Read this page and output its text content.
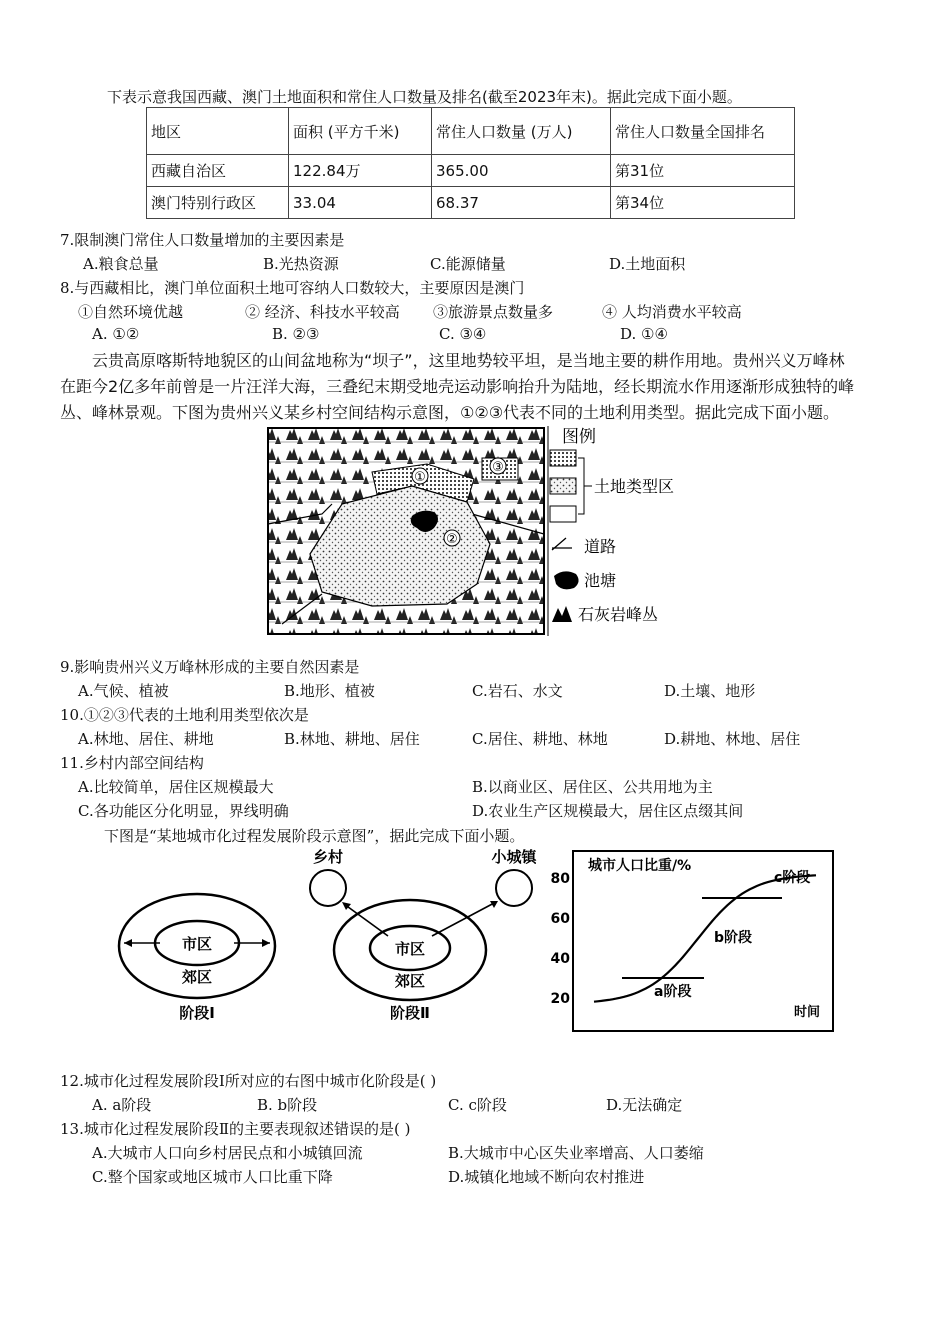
下表示意我国西藏、澳门土地面积和常住人口数量及排名(截至2023年末)。据此完成下面小题。
地区	面积 (平方千米)	常住人口数量 (万人)	常住人口数量全国排名
西藏自治区	122.84万	365.00	第31位
澳门特别行政区	33.04	68.37	第34位
7.限制澳门常住人口数量增加的主要因素是
A.粮食总量	B.光热资源	C.能源储量	D.土地面积
8.与西藏相比，澳门单位面积土地可容纳人口数较大，主要原因是澳门
①自然环境优越	② 经济、科技水平较高 ③旅游景点数量多	④ 人均消费水平较高
A. ①②	B. ②③	C. ③④	D. ①④
云贵高原喀斯特地貌区的山间盆地称为“坝子”，这里地势较平坦，是当地主要的耕作用地。贵州兴义万峰林
在距今2亿多年前曾是一片汪洋大海，三叠纪末期受地壳运动影响抬升为陆地，经长期流水作用逐渐形成独特的峰
丛、峰林景观。下图为贵州兴义某乡村空间结构示意图，①②③代表不同的土地利用类型。据此完成下面小题。
①
②
③
图例
土地类型区
道路
池塘
石灰岩峰丛
9.影响贵州兴义万峰林形成的主要自然因素是
A.气候、植被	B.地形、植被	C.岩石、水文	D.土壤、地形
10.①②③代表的土地利用类型依次是
A.林地、居住、耕地	B.林地、耕地、居住	C.居住、耕地、林地	D.耕地、林地、居住
11.乡村内部空间结构
A.比较简单，居住区规模最大	B.以商业区、居住区、公共用地为主
C.各功能区分化明显，界线明确	D.农业生产区规模最大，居住区点缀其间
下图是“某地城市化过程发展阶段示意图”，据此完成下面小题。
市区
郊区
阶段Ⅰ
市区
郊区
阶段Ⅱ
乡村	小城镇	城市人口比重/%
时间
20
40
60
80
a阶段
b阶段
c阶段
12.城市化过程发展阶段Ⅰ所对应的右图中城市化阶段是( )
A. a阶段	B. b阶段	C. c阶段	D.无法确定
13.城市化过程发展阶段Ⅱ的主要表现叙述错误的是( )
A.大城市人口向乡村居民点和小城镇回流	B.大城市中心区失业率增高、人口萎缩
C.整个国家或地区城市人口比重下降	D.城镇化地域不断向农村推进
